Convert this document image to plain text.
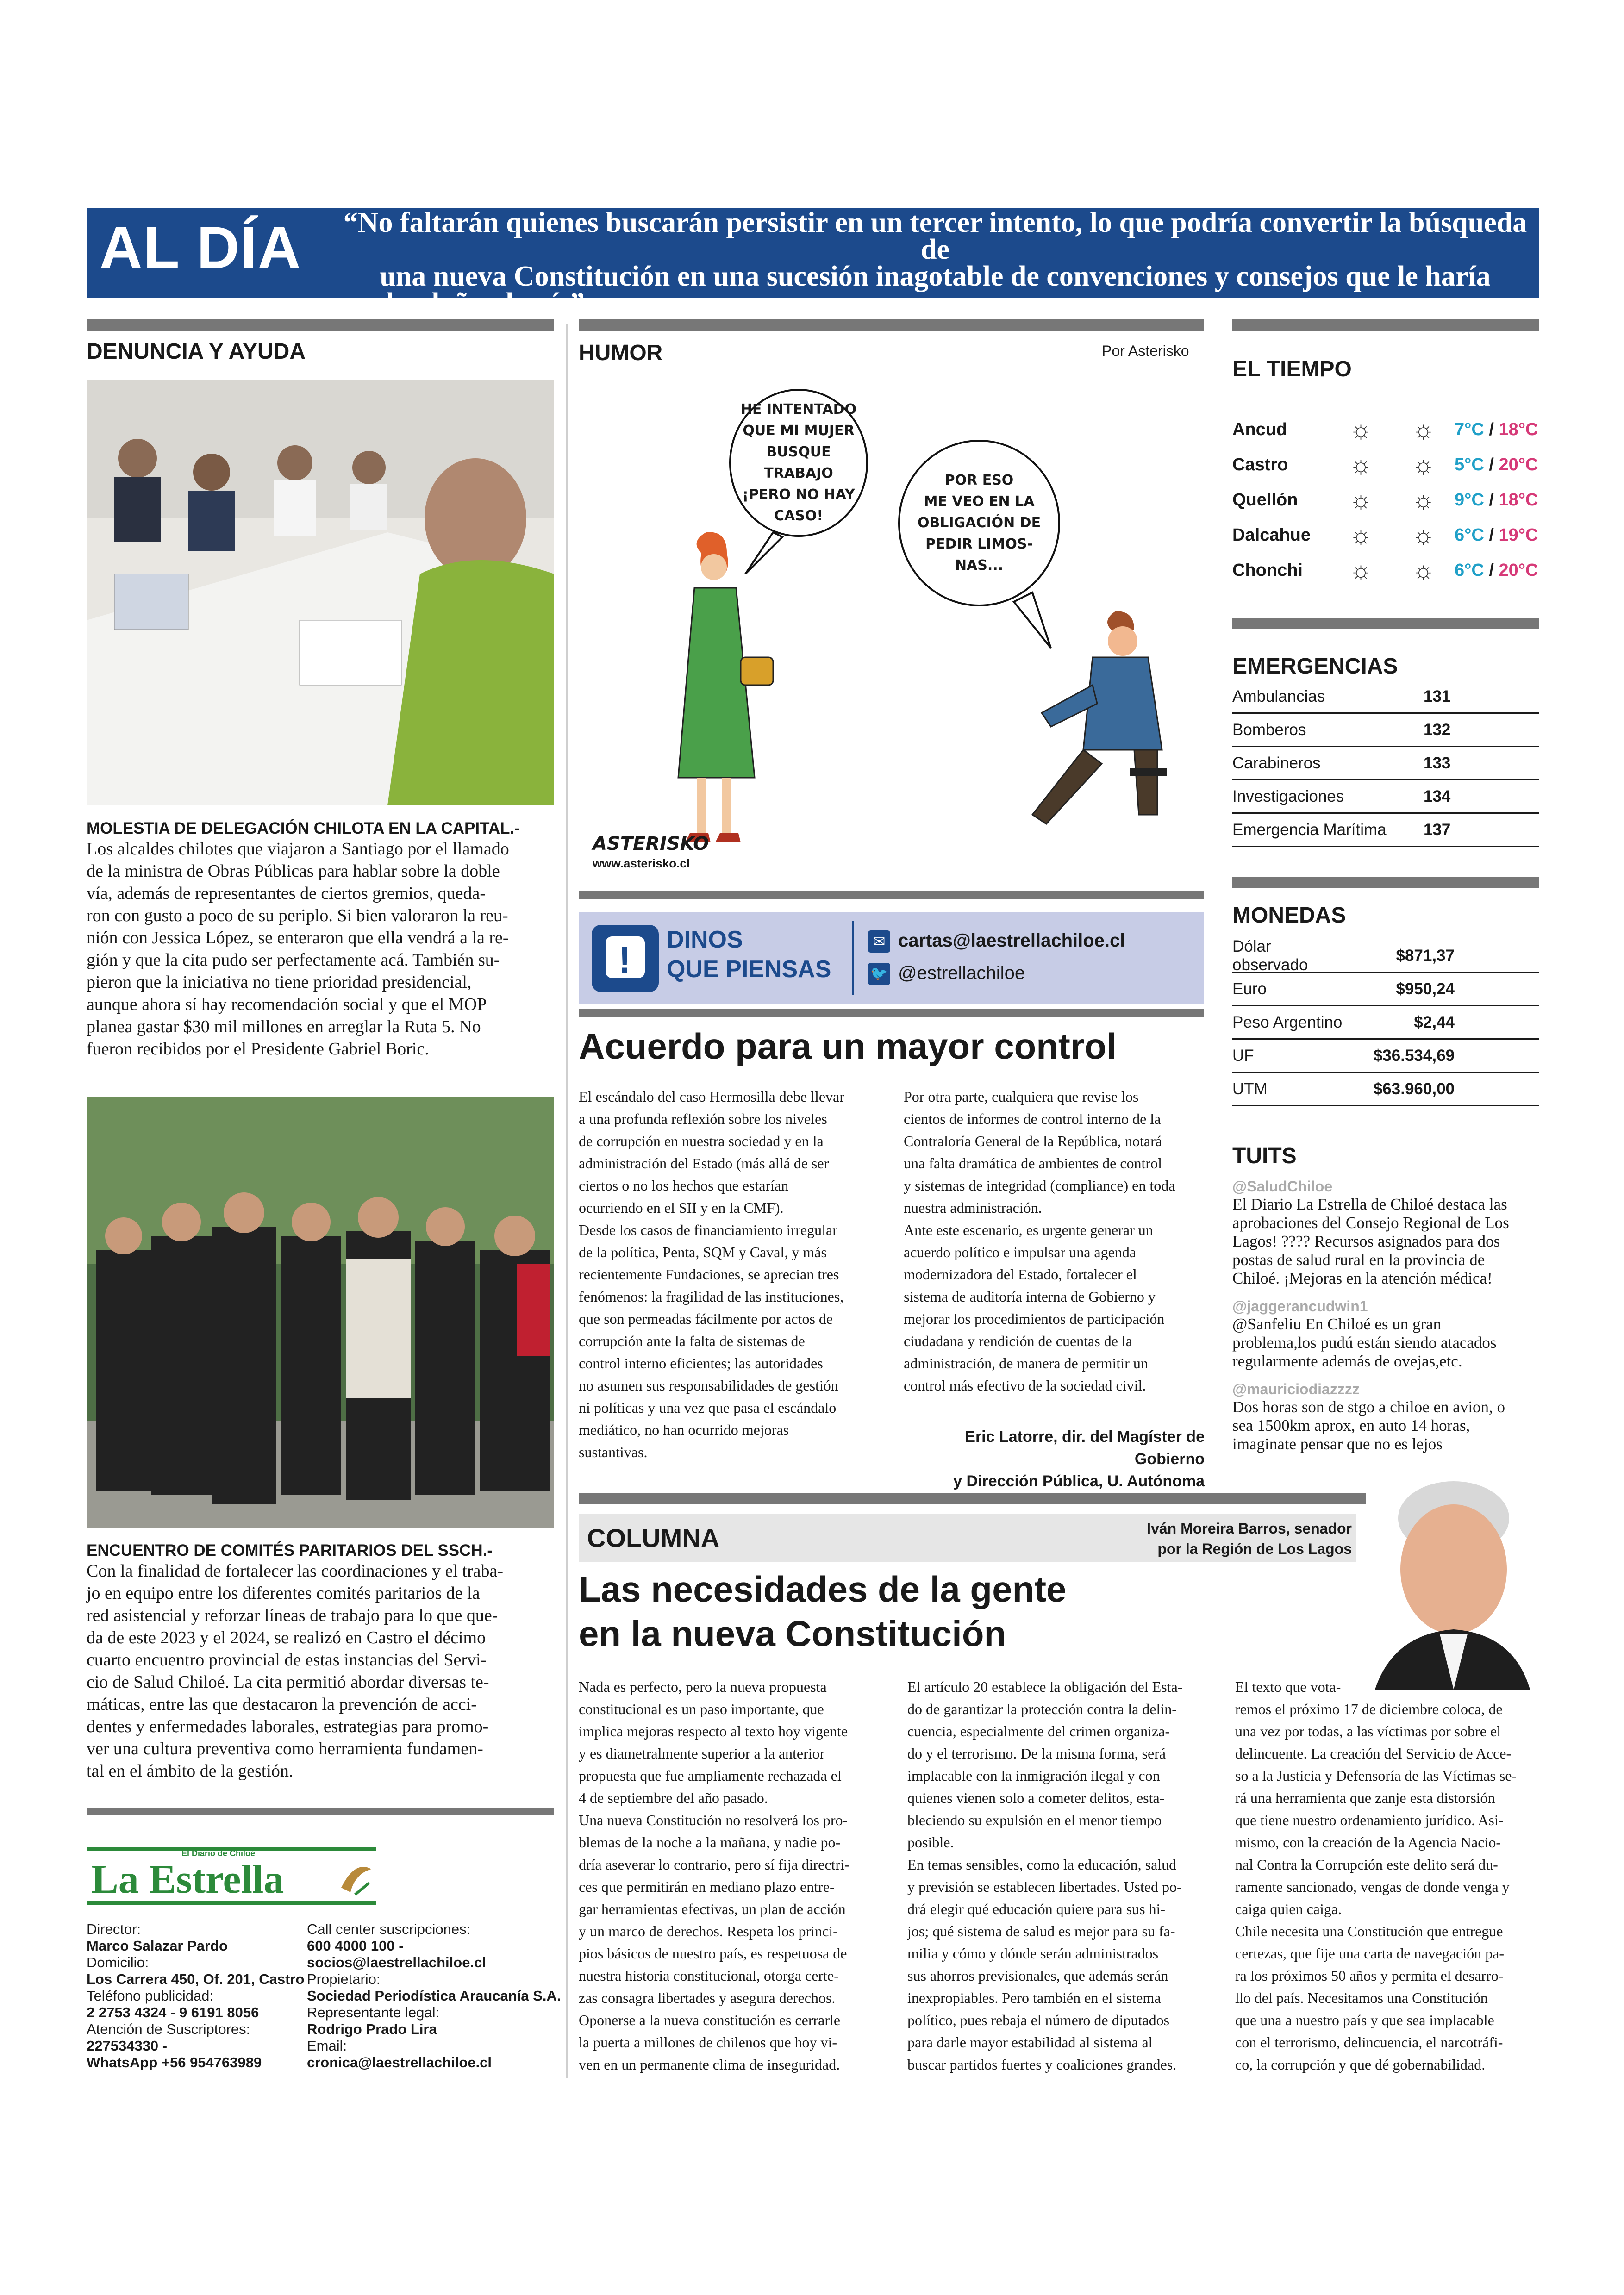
AL DÍA	“No faltarán quienes buscarán persistir en un tercer intento, lo que podría convertir la búsqueda de
una nueva Constitución en una sucesión inagotable de convenciones y consejos que le haría
mucho daño al país”, Eduardo Frei, expresidente de la República, revelando que votará “A Favor” en el plebiscito del 17 de diciembre.
DENUNCIA Y AYUDA
MOLESTIA DE DELEGACIÓN CHILOTA EN LA CAPITAL.-
Los alcaldes chilotes que viajaron a Santiago por el llamado
de la ministra de Obras Públicas para hablar sobre la doble
vía, además de representantes de ciertos gremios, queda-
ron con gusto a poco de su periplo. Si bien valoraron la reu-
nión con Jessica López, se enteraron que ella vendrá a la re-
gión y que la cita pudo ser perfectamente acá. También su-
pieron que la iniciativa no tiene prioridad presidencial,
aunque ahora sí hay recomendación social y que el MOP
planea gastar $30 mil millones en arreglar la Ruta 5. No
fueron recibidos por el Presidente Gabriel Boric.
ENCUENTRO DE COMITÉS PARITARIOS DEL SSCH.-
Con la finalidad de fortalecer las coordinaciones y el traba-
jo en equipo entre los diferentes comités paritarios de la
red asistencial y reforzar líneas de trabajo para lo que que-
da de este 2023 y el 2024, se realizó en Castro el décimo
cuarto encuentro provincial de estas instancias del Servi-
cio de Salud Chiloé. La cita permitió abordar diversas te-
máticas, entre las que destacaron la prevención de acci-
dentes y enfermedades laborales, estrategias para promo-
ver una cultura preventiva como herramienta fundamen-
tal en el ámbito de la gestión.
El Diario de Chiloé
La Estrella
Director:
Marco Salazar Pardo
Domicilio:
Los Carrera 450, Of. 201, Castro
Teléfono publicidad:
2 2753 4324 - 9 6191 8056
Atención de Suscriptores:
227534330 -
WhatsApp +56 954763989
Call center suscripciones:
600 4000 100 -
socios@laestrellachiloe.cl
Propietario:
Sociedad Periodística Araucanía S.A.
Representante legal:
Rodrigo Prado Lira
Email:
cronica@laestrellachiloe.cl
HUMOR	Por Asterisko
HE INTENTADO
QUE MI MUJER
BUSQUE TRABAJO
¡PERO NO HAY
CASO!
POR ESO
ME VEO EN LA
OBLIGACIÓN DE
PEDIR LIMOS-
NAS...
ASTERISKO
www.asterisko.cl
! DINOS
QUE PIENSAS
✉ cartas@laestrellachiloe.cl
🐦 @estrellachiloe
Acuerdo para un mayor control
El escándalo del caso Hermosilla debe llevar
a una profunda reflexión sobre los niveles
de corrupción en nuestra sociedad y en la
administración del Estado (más allá de ser
ciertos o no los hechos que estarían
ocurriendo en el SII y en la CMF).
Desde los casos de financiamiento irregular
de la política, Penta, SQM y Caval, y más
recientemente Fundaciones, se aprecian tres
fenómenos: la fragilidad de las instituciones,
que son permeadas fácilmente por actos de
corrupción ante la falta de sistemas de
control interno eficientes; las autoridades
no asumen sus responsabilidades de gestión
ni políticas y una vez que pasa el escándalo
mediático, no han ocurrido mejoras
sustantivas.
Por otra parte, cualquiera que revise los
cientos de informes de control interno de la
Contraloría General de la República, notará
una falta dramática de ambientes de control
y sistemas de integridad (compliance) en toda
nuestra administración.
Ante este escenario, es urgente generar un
acuerdo político e impulsar una agenda
modernizadora del Estado, fortalecer el
sistema de auditoría interna de Gobierno y
mejorar los procedimientos de participación
ciudadana y rendición de cuentas de la
administración, de manera de permitir un
control más efectivo de la sociedad civil.
Eric Latorre, dir. del Magíster de Gobierno
y Dirección Pública, U. Autónoma
COLUMNA	Iván Moreira Barros, senador
por la Región de Los Lagos
Las necesidades de la gente
en la nueva Constitución
Nada es perfecto, pero la nueva propuesta
constitucional es un paso importante, que
implica mejoras respecto al texto hoy vigente
y es diametralmente superior a la anterior
propuesta que fue ampliamente rechazada el
4 de septiembre del año pasado.
Una nueva Constitución no resolverá los pro-
blemas de la noche a la mañana, y nadie po-
dría aseverar lo contrario, pero sí fija directri-
ces que permitirán en mediano plazo entre-
gar herramientas efectivas, un plan de acción
y un marco de derechos. Respeta los princi-
pios básicos de nuestro país, es respetuosa de
nuestra historia constitucional, otorga certe-
zas consagra libertades y asegura derechos.
Oponerse a la nueva constitución es cerrarle
la puerta a millones de chilenos que hoy vi-
ven en un permanente clima de inseguridad.
El artículo 20 establece la obligación del Esta-
do de garantizar la protección contra la delin-
cuencia, especialmente del crimen organiza-
do y el terrorismo. De la misma forma, será
implacable con la inmigración ilegal y con
quienes vienen solo a cometer delitos, esta-
bleciendo su expulsión en el menor tiempo
posible.
En temas sensibles, como la educación, salud
y previsión se establecen libertades. Usted po-
drá elegir qué educación quiere para sus hi-
jos; qué sistema de salud es mejor para su fa-
milia y cómo y dónde serán administrados
sus ahorros previsionales, que además serán
inexpropiables. Pero también en el sistema
político, pues rebaja el número de diputados
para darle mayor estabilidad al sistema al
buscar partidos fuertes y coaliciones grandes.
El texto que vota-
remos el próximo 17 de diciembre coloca, de
una vez por todas, a las víctimas por sobre el
delincuente. La creación del Servicio de Acce-
so a la Justicia y Defensoría de las Víctimas se-
rá una herramienta que zanje esta distorsión
que tiene nuestro ordenamiento jurídico. Asi-
mismo, con la creación de la Agencia Nacio-
nal Contra la Corrupción este delito será du-
ramente sancionado, vengas de donde venga y
caiga quien caiga.
Chile necesita una Constitución que entregue
certezas, que fije una carta de navegación pa-
ra los próximos 50 años y permita el desarro-
llo del país. Necesitamos una Constitución
que una a nuestro país y que sea implacable
con el terrorismo, delincuencia, el narcotráfi-
co, la corrupción y que dé gobernabilidad.
EL TIEMPO
Ancud	☼	☼	7°C / 18°C
Castro	☼	☼	5°C / 20°C
Quellón	☼	☼	9°C / 18°C
Dalcahue	☼	☼	6°C / 19°C
Chonchi	☼	☼	6°C / 20°C
EMERGENCIAS
Ambulancias	131
Bomberos	132
Carabineros	133
Investigaciones	134
Emergencia Marítima 137
MONEDAS
Dólar observado
$871,37
Euro	$950,24
Peso Argentino	$2,44
UF	$36.534,69
UTM	$63.960,00
TUITS
@SaludChiloe
El Diario La Estrella de Chiloé destaca las
aprobaciones del Consejo Regional de Los
Lagos! ???? Recursos asignados para dos
postas de salud rural en la provincia de
Chiloé. ¡Mejoras en la atención médica!
@jaggerancudwin1
@Sanfeliu En Chiloé es un gran
problema,los pudú están siendo atacados
regularmente además de ovejas,etc.
@mauriciodiazzzz
Dos horas son de stgo a chiloe en avion, o
sea 1500km aprox, en auto 14 horas,
imaginate pensar que no es lejos
